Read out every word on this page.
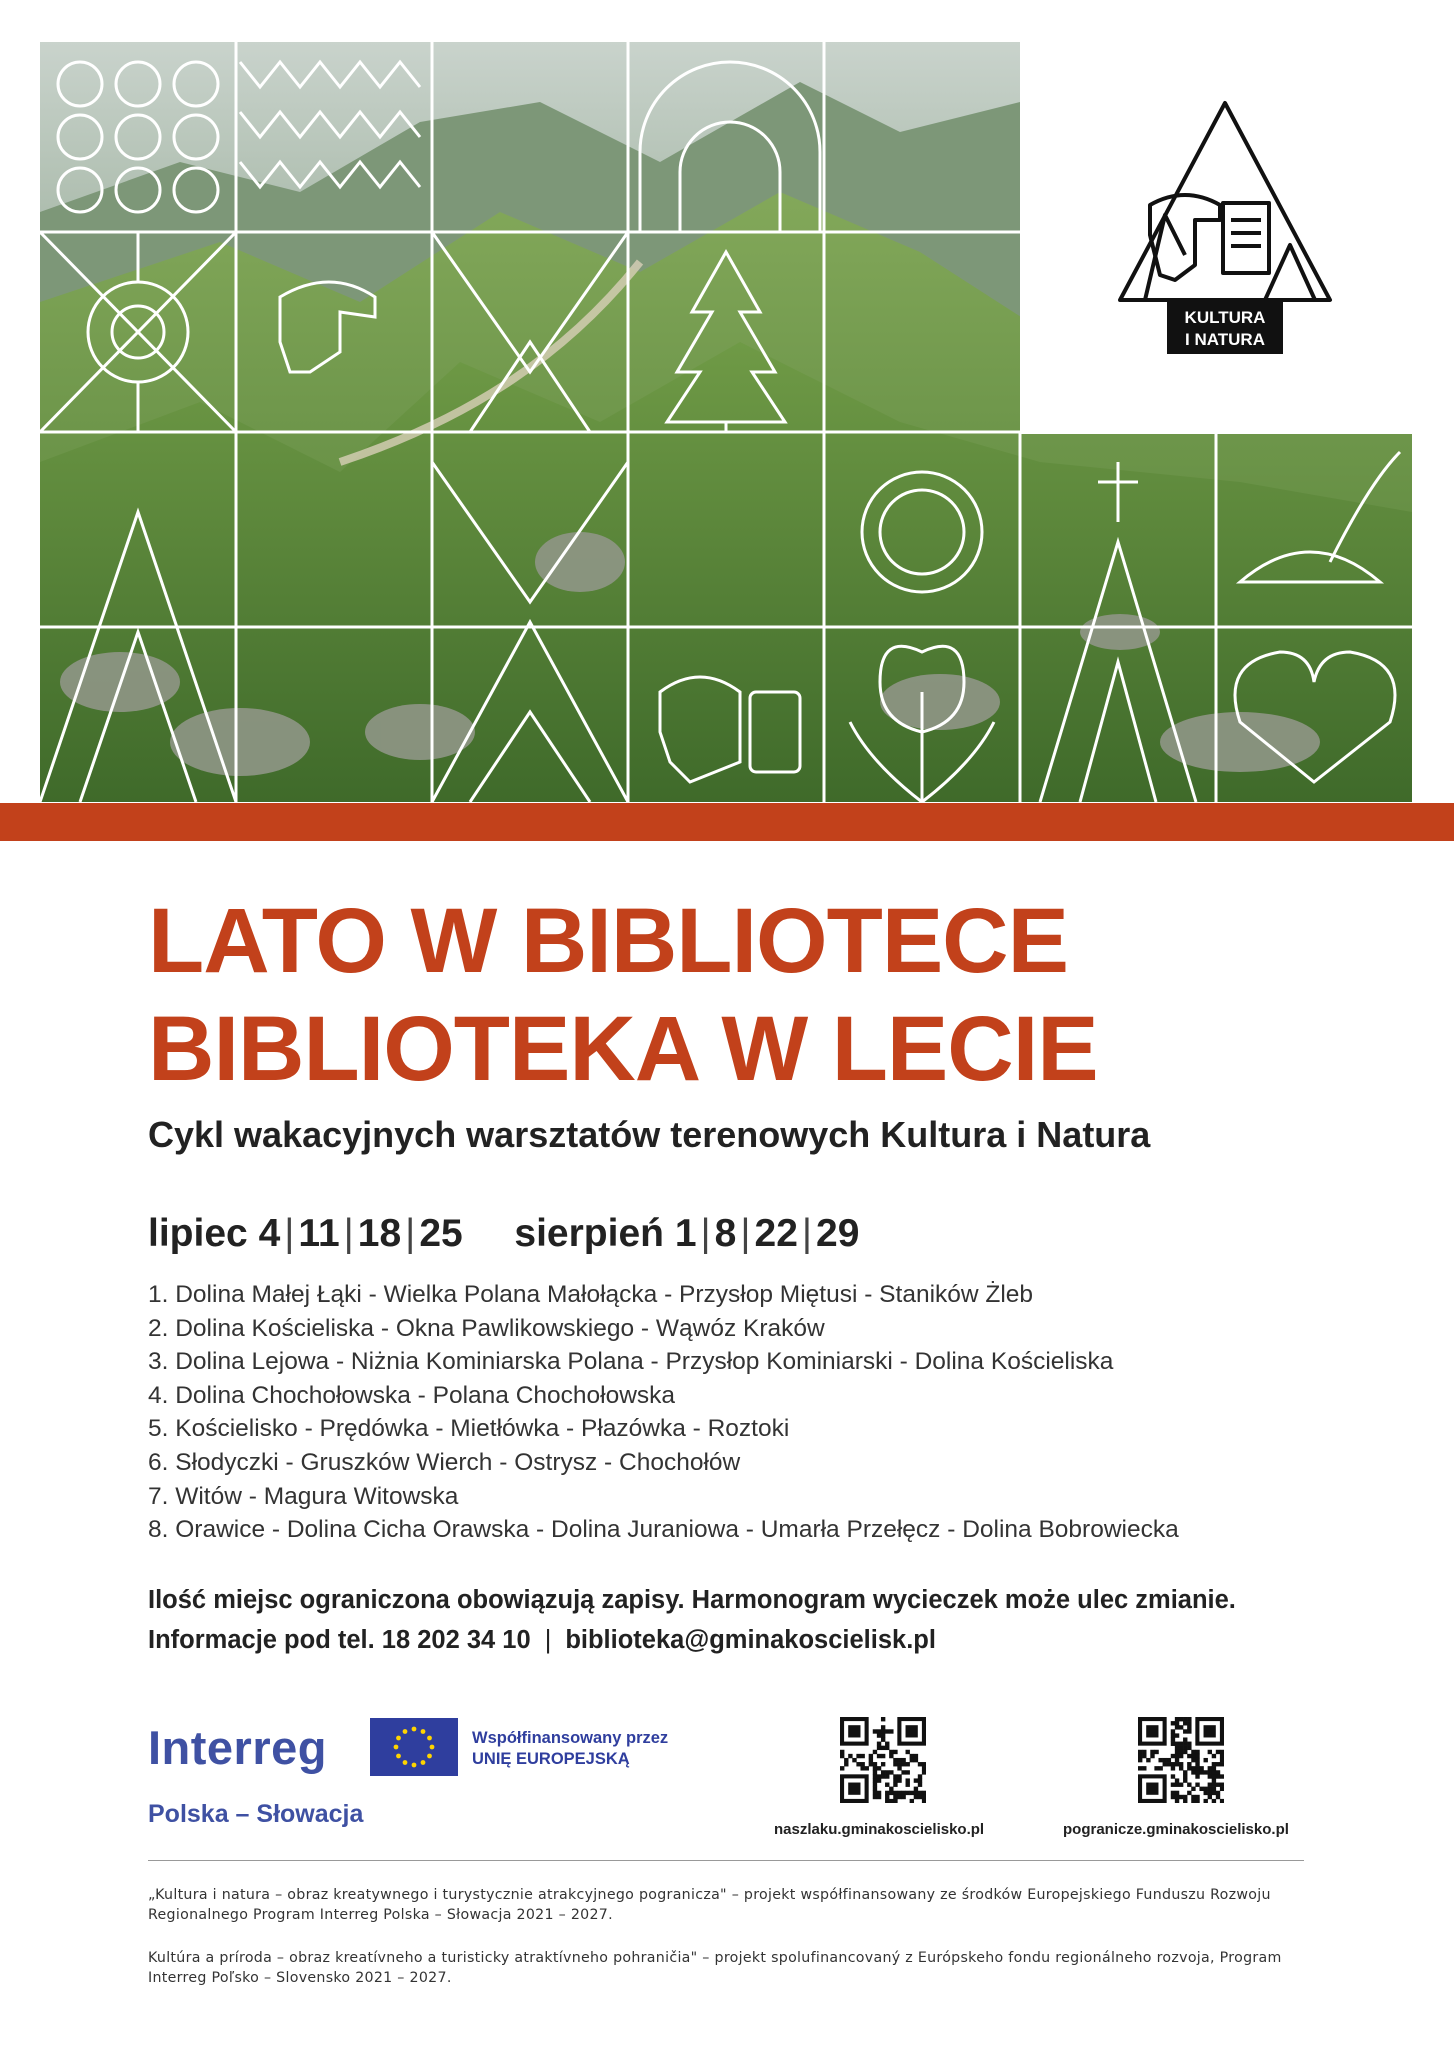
KULTURA
I NATURA
LATO W BIBLIOTECE
BIBLIOTEKA W LECIE
Cykl wakacyjnych warsztatów terenowych Kultura i Natura
lipiec 4 | 11 | 18 | 25 sierpień 1 | 8 | 22 | 29
1. Dolina Małej Łąki - Wielka Polana Małołącka - Przysłop Miętusi - Staników Żleb
2. Dolina Kościeliska - Okna Pawlikowskiego - Wąwóz Kraków
3. Dolina Lejowa - Niżnia Kominiarska Polana - Przysłop Kominiarski - Dolina Kościeliska
4. Dolina Chochołowska - Polana Chochołowska
5. Kościelisko - Prędówka - Mietłówka - Płazówka - Roztoki
6. Słodyczki - Gruszków Wierch - Ostrysz - Chochołów
7. Witów - Magura Witowska
8. Orawice - Dolina Cicha Orawska - Dolina Juraniowa - Umarła Przełęcz - Dolina Bobrowiecka
Ilość miejsc ograniczona obowiązują zapisy. Harmonogram wycieczek może ulec zmianie.
Informacje pod tel. 18 202 34 10 | biblioteka@gminakoscielisk.pl
Interreg
Polska – Słowacja
Współfinansowany przez
UNIĘ EUROPEJSKĄ
naszlaku.gminakoscielisko.pl	pogranicze.gminakoscielisko.pl
„Kultura i natura – obraz kreatywnego i turystycznie atrakcyjnego pogranicza" – projekt współfinansowany ze środków Europejskiego Funduszu Rozwoju Regionalnego Program Interreg Polska – Słowacja 2021 – 2027.
Kultúra a príroda – obraz kreatívneho a turisticky atraktívneho pohraničia" – projekt spolufinancovaný z Európskeho fondu regionálneho rozvoja, Program Interreg Poľsko – Slovensko 2021 – 2027.
